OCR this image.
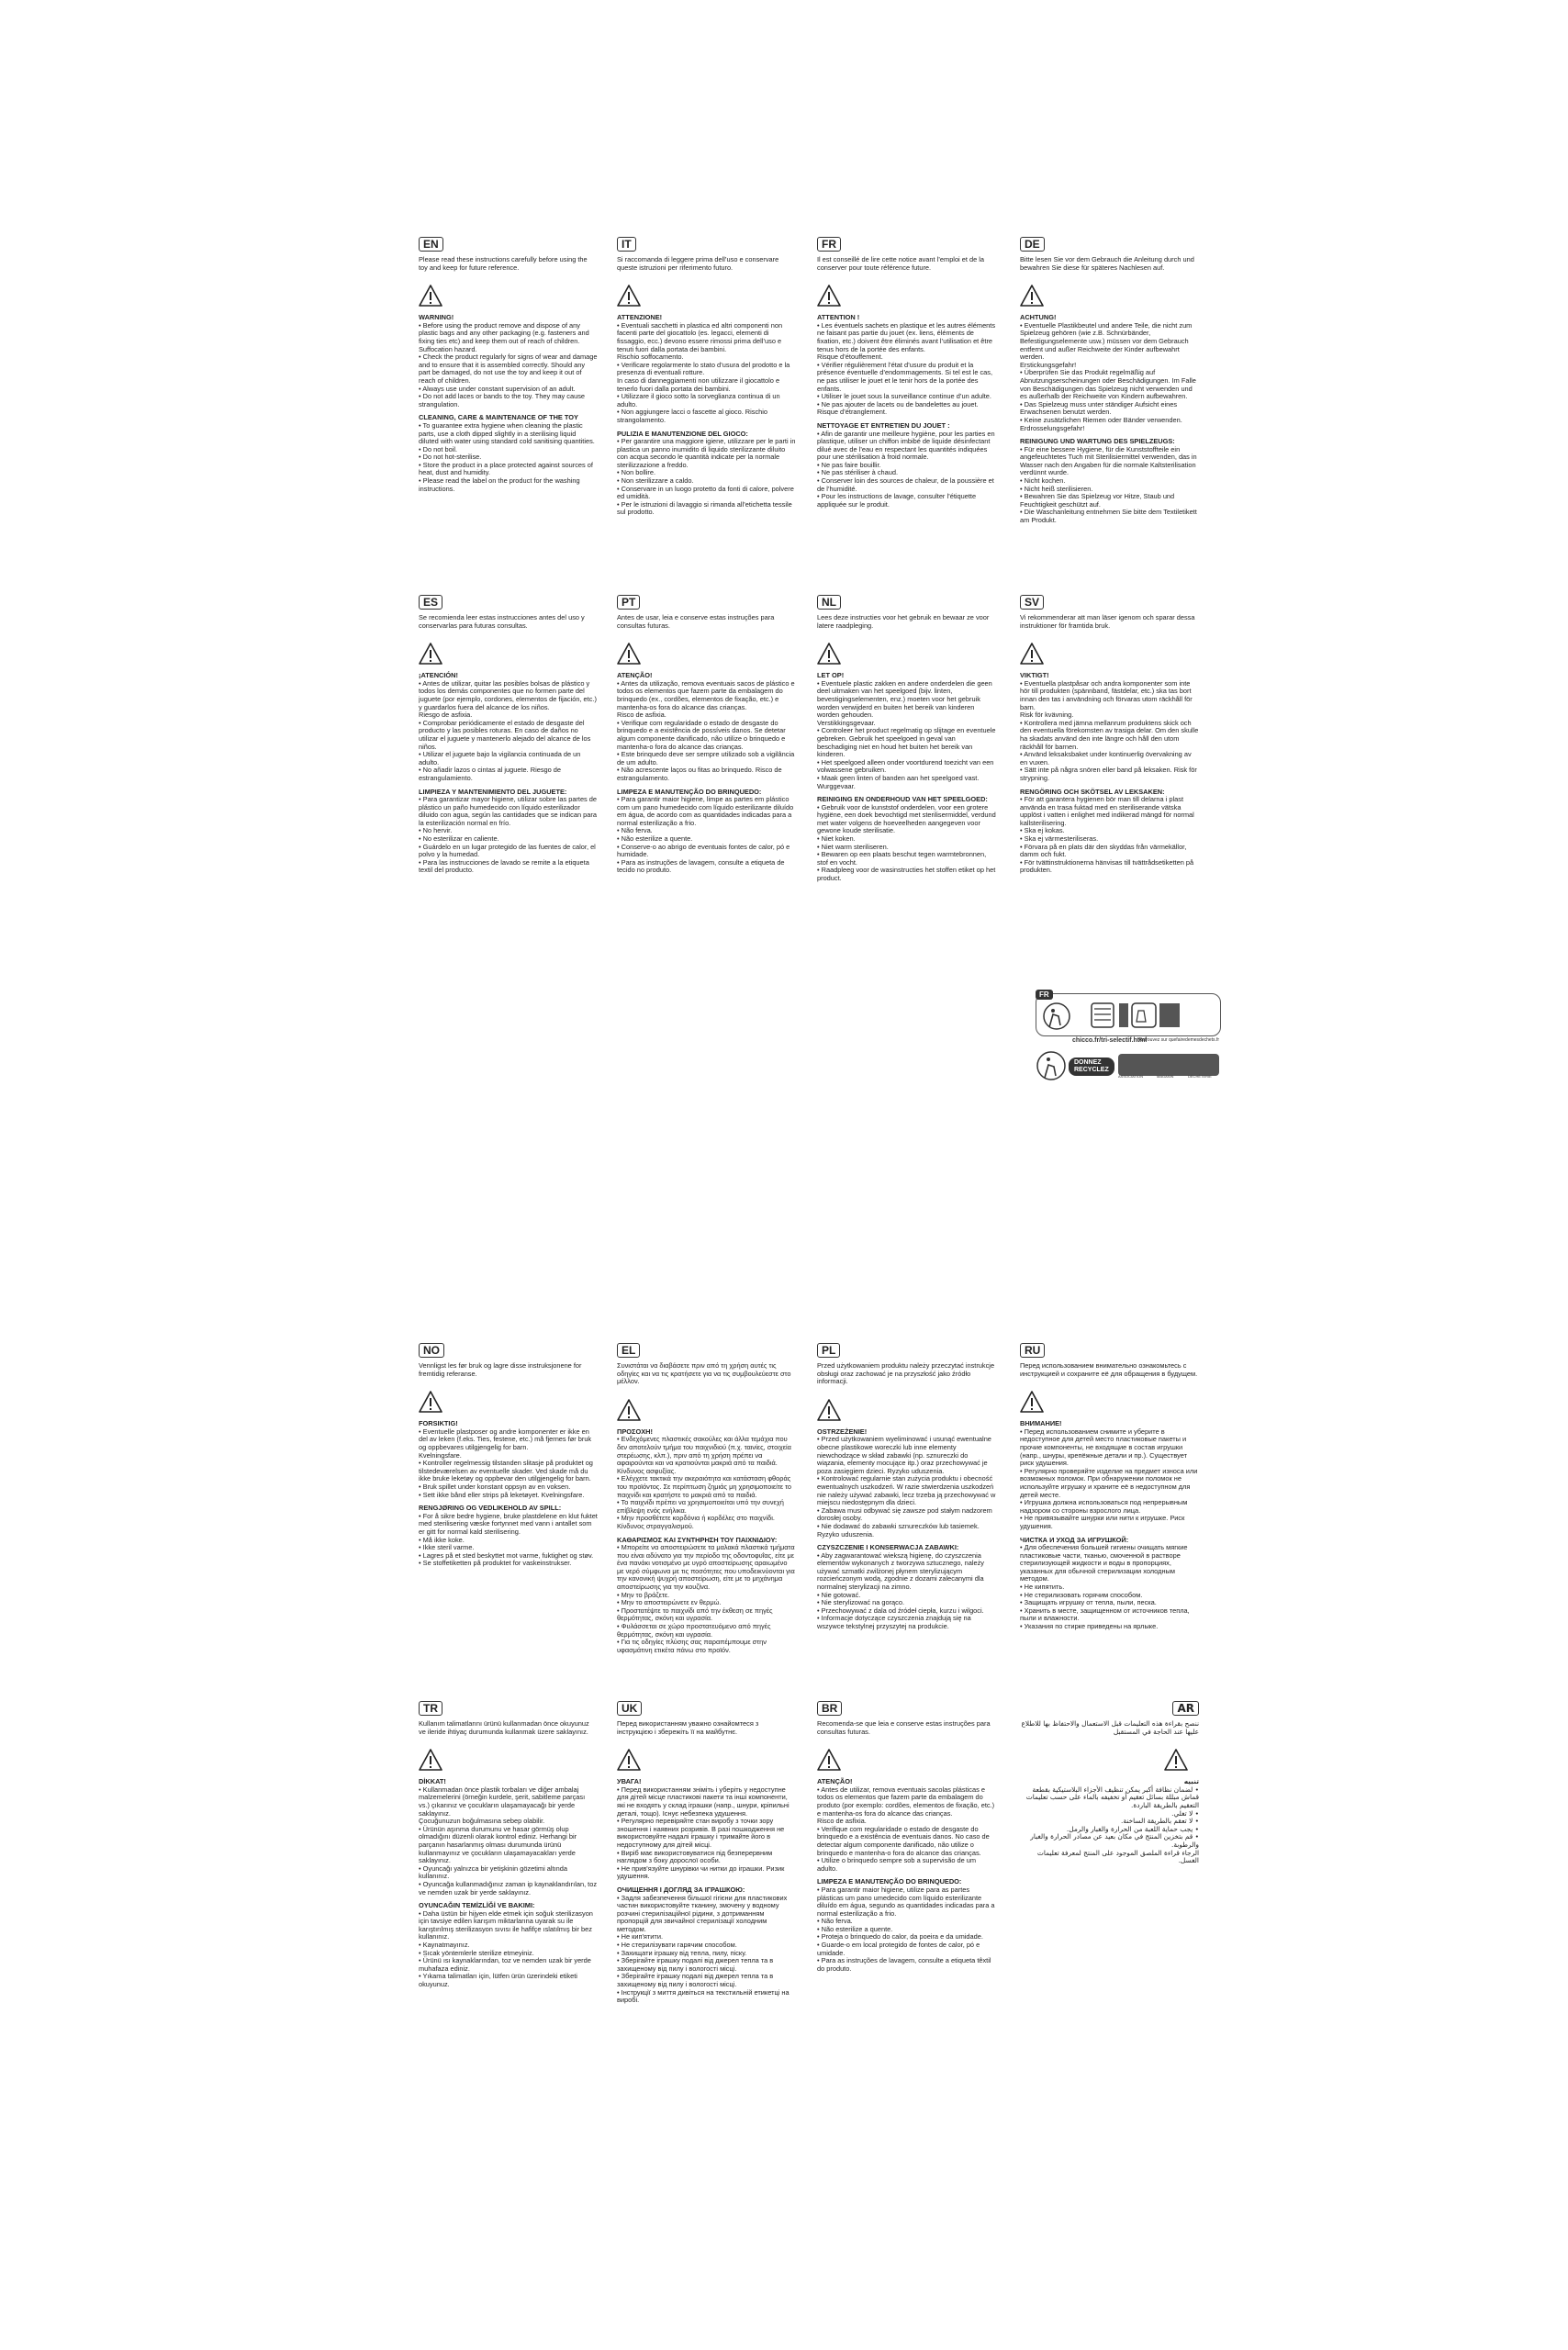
EN
Please read these instructions carefully before using the toy and keep for future reference.
WARNING!
• Before using the product remove and dispose of any plastic bags and any other packaging (e.g. fasteners and fixing ties etc) and keep them out of reach of children.
Suffocation hazard.
• Check the product regularly for signs of wear and damage and to ensure that it is assembled correctly. Should any part be damaged, do not use the toy and keep it out of reach of children.
• Always use under constant supervision of an adult.
• Do not add laces or bands to the toy. They may cause strangulation.
CLEANING, CARE & MAINTENANCE OF THE TOY
• To guarantee extra hygiene when cleaning the plastic parts, use a cloth dipped slightly in a sterilising liquid diluted with water using standard cold sanitising quantities.
• Do not boil.
• Do not hot-sterilise.
• Store the product in a place protected against sources of heat, dust and humidity.
• Please read the label on the product for the washing instructions.
IT
Si raccomanda di leggere prima dell’uso e conservare queste istruzioni per riferimento futuro.
ATTENZIONE!
• Eventuali sacchetti in plastica ed altri componenti non facenti parte del giocattolo (es. legacci, elementi di fissaggio, ecc.) devono essere rimossi prima dell’uso e tenuti fuori dalla portata dei bambini.
Rischio soffocamento.
• Verificare regolarmente lo stato d’usura del prodotto e la presenza di eventuali rotture.
In caso di danneggiamenti non utilizzare il giocattolo e tenerlo fuori dalla portata dei bambini.
• Utilizzare il gioco sotto la sorveglianza continua di un adulto.
• Non aggiungere lacci o fascette al gioco. Rischio strangolamento.
PULIZIA E MANUTENZIONE DEL GIOCO:
• Per garantire una maggiore igiene, utilizzare per le parti in plastica un panno inumidito di liquido sterilizzante diluito con acqua secondo le quantità indicate per la normale sterilizzazione a freddo.
• Non bollire.
• Non sterilizzare a caldo.
• Conservare in un luogo protetto da fonti di calore, polvere ed umidità.
• Per le istruzioni di lavaggio si rimanda all’etichetta tessile sul prodotto.
FR
Il est conseillé de lire cette notice avant l’emploi et de la conserver pour toute référence future.
ATTENTION !
• Les éventuels sachets en plastique et les autres éléments ne faisant pas partie du jouet (ex. liens, éléments de fixation, etc.) doivent être éliminés avant l’utilisation et être tenus hors de la portée des enfants.
Risque d’étouffement.
• Vérifier régulièrement l’état d’usure du produit et la présence éventuelle d’endommagements. Si tel est le cas, ne pas utiliser le jouet et le tenir hors de la portée des enfants.
• Utiliser le jouet sous la surveillance continue d’un adulte.
• Ne pas ajouter de lacets ou de bandelettes au jouet. Risque d’étranglement.
NETTOYAGE ET ENTRETIEN DU JOUET :
• Afin de garantir une meilleure hygiène, pour les parties en plastique, utiliser un chiffon imbibé de liquide désinfectant dilué avec de l’eau en respectant les quantités indiquées pour une stérilisation à froid normale.
• Ne pas faire bouillir.
• Ne pas stériliser à chaud.
• Conserver loin des sources de chaleur, de la poussière et de l’humidité.
• Pour les instructions de lavage, consulter l’étiquette appliquée sur le produit.
DE
Bitte lesen Sie vor dem Gebrauch die Anleitung durch und bewahren Sie diese für späteres Nachlesen auf.
ACHTUNG!
• Eventuelle Plastikbeutel und andere Teile, die nicht zum Spielzeug gehören (wie z.B. Schnürbänder, Befestigungselemente usw.) müssen vor dem Gebrauch entfernt und außer Reichweite der Kinder aufbewahrt werden.
Erstickungsgefahr!
• Überprüfen Sie das Produkt regelmäßig auf Abnutzungserscheinungen oder Beschädigungen. Im Falle von Beschädigungen das Spielzeug nicht verwenden und es außerhalb der Reichweite von Kindern aufbewahren.
• Das Spielzeug muss unter ständiger Aufsicht eines Erwachsenen benutzt werden.
• Keine zusätzlichen Riemen oder Bänder verwenden. Erdrosselungsgefahr!
REINIGUNG UND WARTUNG DES SPIELZEUGS:
• Für eine bessere Hygiene, für die Kunststoffteile ein angefeuchtetes Tuch mit Sterilisiermittel verwenden, das in Wasser nach den Angaben für die normale Kaltsterilisation verdünnt wurde.
• Nicht kochen.
• Nicht heiß sterilisieren.
• Bewahren Sie das Spielzeug vor Hitze, Staub und Feuchtigkeit geschützt auf.
• Die Waschanleitung entnehmen Sie bitte dem Textiletikett am Produkt.
ES
Se recomienda leer estas instrucciones antes del uso y conservarlas para futuras consultas.
¡ATENCIÓN!
• Antes de utilizar, quitar las posibles bolsas de plástico y todos los demás componentes que no formen parte del juguete (por ejemplo, cordones, elementos de fijación, etc.) y guardarlos fuera del alcance de los niños.
Riesgo de asfixia.
• Comprobar periódicamente el estado de desgaste del producto y las posibles roturas. En caso de daños no utilizar el juguete y mantenerlo alejado del alcance de los niños.
• Utilizar el juguete bajo la vigilancia continuada de un adulto.
• No añadir lazos o cintas al juguete. Riesgo de estrangulamiento.
LIMPIEZA Y MANTENIMIENTO DEL JUGUETE:
• Para garantizar mayor higiene, utilizar sobre las partes de plástico un paño humedecido con líquido esterilizador diluido con agua, según las cantidades que se indican para la esterilización normal en frío.
• No hervir.
• No esterilizar en caliente.
• Guárdelo en un lugar protegido de las fuentes de calor, el polvo y la humedad.
• Para las instrucciones de lavado se remite a la etiqueta textil del producto.
PT
Antes de usar, leia e conserve estas instruções para consultas futuras.
ATENÇÃO!
• Antes da utilização, remova eventuais sacos de plástico e todos os elementos que fazem parte da embalagem do brinquedo (ex., cordões, elementos de fixação, etc.) e mantenha-os fora do alcance das crianças.
Risco de asfixia.
• Verifique com regularidade o estado de desgaste do brinquedo e a existência de possíveis danos. Se detetar algum componente danificado, não utilize o brinquedo e mantenha-o fora do alcance das crianças.
• Este brinquedo deve ser sempre utilizado sob a vigilância de um adulto.
• Não acrescente laços ou fitas ao brinquedo. Risco de estrangulamento.
LIMPEZA E MANUTENÇÃO DO BRINQUEDO:
• Para garantir maior higiene, limpe as partes em plástico com um pano humedecido com líquido esterilizante diluído em água, de acordo com as quantidades indicadas para a normal esterilização a frio.
• Não ferva.
• Não esterilize a quente.
• Conserve-o ao abrigo de eventuais fontes de calor, pó e humidade.
• Para as instruções de lavagem, consulte a etiqueta de tecido no produto.
NL
Lees deze instructies voor het gebruik en bewaar ze voor latere raadpleging.
LET OP!
• Eventuele plastic zakken en andere onderdelen die geen deel uitmaken van het speelgoed (bijv. linten, bevestigingselementen, enz.) moeten voor het gebruik worden verwijderd en buiten het bereik van kinderen worden gehouden.
Verstikkingsgevaar.
• Controleer het product regelmatig op slijtage en eventuele gebreken. Gebruik het speelgoed in geval van beschadiging niet en houd het buiten het bereik van kinderen.
• Het speelgoed alleen onder voortdurend toezicht van een volwassene gebruiken.
• Maak geen linten of banden aan het speelgoed vast. Wurggevaar.
REINIGING EN ONDERHOUD VAN HET SPEELGOED:
• Gebruik voor de kunststof onderdelen, voor een grotere hygiëne, een doek bevochtigd met sterilisermiddel, verdund met water volgens de hoeveelheden aangegeven voor gewone koude sterilisatie.
• Niet koken.
• Niet warm steriliseren.
• Bewaren op een plaats beschut tegen warmtebronnen, stof en vocht.
• Raadpleeg voor de wasinstructies het stoffen etiket op het product.
SV
Vi rekommenderar att man läser igenom och sparar dessa instruktioner för framtida bruk.
VIKTIGT!
• Eventuella plastpåsar och andra komponenter som inte hör till produkten (spännband, fästdelar, etc.) ska tas bort innan den tas i användning och förvaras utom räckhåll för barn.
Risk för kvävning.
• Kontrollera med jämna mellanrum produktens skick och den eventuella förekomsten av trasiga delar. Om den skulle ha skadats använd den inte längre och håll den utom räckhåll för barnen.
• Använd leksaksbaket under kontinuerlig övervakning av en vuxen.
• Sätt inte på några snören eller band på leksaken. Risk för strypning.
RENGÖRING OCH SKÖTSEL AV LEKSAKEN:
• För att garantera hygienen bör man till delarna i plast använda en trasa fuktad med en steriliserande vätska upplöst i vatten i enlighet med indikerad mängd för normal kallsterilisering.
• Ska ej kokas.
• Ska ej värmesteriliseras.
• Förvara på en plats där den skyddas från värmekällor, damm och fukt.
• För tvättinstruktionerna hänvisas till tvättrådsetiketten på produkten.
NO
Vennligst les før bruk og lagre disse instruksjonene for fremtidig referanse.
FORSIKTIG!
• Eventuelle plastposer og andre komponenter er ikke en del av leken (f.eks. Ties, festene, etc.) må fjernes før bruk og oppbevares utilgjengelig for barn.
Kvelningsfare.
• Kontroller regelmessig tilstanden slitasje på produktet og tilstedeværelsen av eventuelle skader. Ved skade må du ikke bruke leketøy og oppbevar den utilgjengelig for barn.
• Bruk spillet under konstant oppsyn av en voksen.
• Sett ikke bånd eller strips på leketøyet. Kvelningsfare.
RENGJØRING OG VEDLIKEHOLD AV SPILL:
• For å sikre bedre hygiene, bruke plastdelene en klut fuktet med sterilisering væske fortynnet med vann i antallet som er gitt for normal kald sterilisering.
• Må ikke koke.
• Ikke steril varme.
• Lagres på et sted beskyttet mot varme, fuktighet og støv.
• Se stoffetiketten på produktet for vaskeinstrukser.
EL
Συνιστάται να διαβάσετε πριν από τη χρήση αυτές τις οδηγίες και να τις κρατήσετε για να τις συμβουλεύεστε στο μέλλον.
ΠΡΟΣΟΧΗ!
• Ενδεχόμενες πλαστικές σακούλες και άλλα τεμάχια που δεν αποτελούν τμήμα του παιχνιδιού (π.χ. ταινίες, στοιχεία στερέωσης, κλπ.), πριν από τη χρήση πρέπει να αφαιρούνται και να κρατιούνται μακριά από τα παιδιά.
Κίνδυνος ασφυξίας.
• Ελέγχετε τακτικά την ακεραιότητα και κατάσταση φθοράς του προϊόντος. Σε περίπτωση ζημιάς μη χρησιμοποιείτε το παιχνίδι και κρατήστε το μακριά από τα παιδιά.
• Το παιχνίδι πρέπει να χρησιμοποιείται υπό την συνεχή επίβλεψη ενός ενήλικα.
• Μην προσθέτετε κορδόνια ή κορδέλες στο παιχνίδι. Κίνδυνος στραγγαλισμού.
ΚΑΘΑΡΙΣΜΟΣ ΚΑΙ ΣΥΝΤΗΡΗΣΗ ΤΟΥ ΠΑΙΧΝΙΔΙΟΥ:
• Μπορείτε να αποστειρώσετε τα μαλακά πλαστικά τμήματα που είναι αδύνατο για την περίοδο της οδοντοφυΐας, είτε με ένα πανάκι νοτισμένο με υγρό αποστείρωσης αραιωμένο με νερό σύμφωνα με τις ποσότητες που υποδεικνύονται για την κανονική ψυχρή αποστείρωση, είτε με το μηχάνημα αποστείρωσης για την κουζίνα.
• Μην το βράζετε.
• Μην το αποστειρώνετε εν θερμώ.
• Προστατέψτε το παιχνίδι από την έκθεση σε πηγές θερμότητας, σκόνη και υγρασία.
• Φυλάσσεται σε χώρο προστατευόμενο από πηγές θερμότητας, σκόνη και υγρασία.
• Για τις οδηγίες πλύσης σας παραπέμπουμε στην υφασμάτινη ετικέτα πάνω στο προϊόν.
PL
Przed użytkowaniem produktu należy przeczytać instrukcje obsługi oraz zachować je na przyszłość jako źródło informacji.
OSTRZEŻENIE!
• Przed użytkowaniem wyeliminować i usunąć ewentualne obecne plastikowe woreczki lub inne elementy niewchodzące w skład zabawki (np. sznureczki do wiązania, elementy mocujące itp.) oraz przechowywać je poza zasięgiem dzieci. Ryzyko uduszenia.
• Kontrolować regularnie stan zużycia produktu i obecność ewentualnych uszkodzeń. W razie stwierdzenia uszkodzeń nie należy używać zabawki, lecz trzeba ją przechowywać w miejscu niedostępnym dla dzieci.
• Zabawa musi odbywać się zawsze pod stałym nadzorem dorosłej osoby.
• Nie dodawać do zabawki sznureczków lub tasiemek. Ryzyko uduszenia.
CZYSZCZENIE I KONSERWACJA ZABAWKI:
• Aby zagwarantować wiekszą higienę, do czyszczenia elementów wykonanych z tworzywa sztucznego, należy używać szmatki zwilżonej płynem sterylizującym rozcieńczonym wodą, zgodnie z dozami zalecanymi dla normalnej sterylizacji na zimno.
• Nie gotować.
• Nie sterylizować na gorąco.
• Przechowywać z dala od źródeł ciepła, kurzu i wilgoci.
• Informacje dotyczące czyszczenia znajdują się na wszywce tekstylnej przyszytej na produkcie.
RU
Перед использованием внимательно ознакомьтесь с инструкцией и сохраните её для обращения в будущем.
ВНИМАНИЕ!
• Перед использованием снимите и уберите в недоступное для детей место пластиковые пакеты и прочие компоненты, не входящие в состав игрушки (напр., шнуры, крепёжные детали и пр.). Существует риск удушения.
• Регулярно проверяйте изделие на предмет износа или возможных поломок. При обнаружении поломок не используйте игрушку и храните её в недоступном для детей месте.
• Игрушка должна использоваться под непрерывным надзором со стороны взрослого лица.
• Не привязывайте шнурки или нити к игрушке. Риск удушения.
ЧИСТКА И УХОД ЗА ИГРУШКОЙ:
• Для обеспечения большей гигиены очищать мягкие пластиковые части, тканью, смоченной в растворе стерилизующей жидкости и воды в пропорциях, указанных для обычной стерилизации холодным методом.
• Не кипятить.
• Не стерилизовать горячим способом.
• Защищать игрушку от тепла, пыли, песка.
• Хранить в месте, защищенном от источников тепла, пыли и влажности.
• Указания по стирке приведены на ярлыке.
TR
Kullanım talimatlarını ürünü kullanmadan önce okuyunuz ve ileride ihtiyaç durumunda kullanmak üzere saklayınız.
DİKKAT!
• Kullanmadan önce plastik torbaları ve diğer ambalaj malzemelerini (örneğin kurdele, şerit, sabitleme parçası vs.) çıkarınız ve çocukların ulaşamayacağı bir yerde saklayınız.
Çocuğunuzun boğulmasına sebep olabilir.
• Ürünün aşınma durumunu ve hasar görmüş olup olmadığını düzenli olarak kontrol ediniz. Herhangi bir parçanın hasarlanmış olması durumunda ürünü kullanmayınız ve çocukların ulaşamayacakları yerde saklayınız.
• Oyuncağı yalnızca bir yetişkinin gözetimi altında kullanınız.
• Oyuncağa kullanmadığınız zaman ip kaynaklandırılan, toz ve nemden uzak bir yerde saklayınız.
OYUNCAĞIN TEMİZLİĞİ VE BAKIMI:
• Daha üstün bir hijyen elde etmek için soğuk sterilizasyon için tavsiye edilen karışım miktarlarına uyarak su ile karıştırılmış sterilizasyon sıvısı ile hafifçe ıslatılmış bir bez kullanınız.
• Kaynatmayınız.
• Sıcak yöntemlerle sterilize etmeyiniz.
• Ürünü ısı kaynaklarından, toz ve nemden uzak bir yerde muhafaza ediniz.
• Yıkama talimatları için, lütfen ürün üzerindeki etiketi okuyunuz.
UK
Перед використанням уважно ознайомтеся з інструкцією і збережіть її на майбутнє.
УВАГА!
• Перед використанням зніміть і уберіть у недоступне для дітей місце пластикові пакети та інші компоненти, які не входять у склад іграшки (напр., шнури, кріпильні деталі, тощо). Існує небезпека удушення.
• Регулярно перевіряйте стан виробу з точки зору зношення і наявних розривів. В разі пошкодження не використовуйте надалі іграшку і тримайте його в недоступному для дітей місці.
• Виріб має використовуватися під безперервним наглядом з боку дорослої особи.
• Не прив'язуйте шнурівки чи нитки до іграшки. Ризик удушення.
ОЧИЩЕННЯ І ДОГЛЯД ЗА ІГРАШКОЮ:
• Задля забезпечення більшої гігієни для пластикових частин використовуйте тканину, змочену у водному розчині стерилізаційної рідини, з дотриманням пропорцій для звичайної стерилізації холодним методом.
• Не кип'ятити.
• Не стерилізувати гарячим способом.
• Захищати іграшку від тепла, пилу, піску.
• Зберігайте іграшку подалі від джерел тепла та в захищеному від пилу і вологості місці.
• Зберігайте іграшку подалі від джерел тепла та в захищеному від пилу і вологості місці.
• Інструкції з миття дивіться на текстильній етикетці на виробі.
BR
Recomenda-se que leia e conserve estas instruções para consultas futuras.
ATENÇÃO!
• Antes de utilizar, remova eventuais sacolas plásticas e todos os elementos que fazem parte da embalagem do produto (por exemplo: cordões, elementos de fixação, etc.) e mantenha-os fora do alcance das crianças.
Risco de asfixia.
• Verifique com regularidade o estado de desgaste do brinquedo e a existência de eventuais danos. No caso de detectar algum componente danificado, não utilize o brinquedo e mantenha-o fora do alcance das crianças.
• Utilize o brinquedo sempre sob a supervisão de um adulto.
LIMPEZA E MANUTENÇÃO DO BRINQUEDO:
• Para garantir maior higiene, utilize para as partes plásticas um pano umedecido com líquido esterilizante diluído em água, segundo as quantidades indicadas para a normal esterilização a frio.
• Não ferva.
• Não esterilize a quente.
• Proteja o brinquedo do calor, da poeira e da umidade.
• Guarde-o em local protegido de fontes de calor, pó e umidade.
• Para as instruções de lavagem, consulte a etiqueta têxtil do produto.
AR
ننصح بقراءة هذه التعليمات قبل الاستعمال والاحتفاظ بها للاطلاع عليها عند الحاجة في المستقبل
تنبيه
• لضمان نظافة أكبر يمكن تنظيف الأجزاء البلاستيكية بقطعة
قماش مبللة بسائل تعقيم أو تخفيفه بالماء على حسب تعليمات التعقيم بالطريقة الباردة.
• لا تغلي.
• لا تعقم بالطريقة الساخنة.
• يجب حماية اللعبة من الحرارة والغبار والرمل.
• قم بتخزين المنتج في مكان بعيد عن مصادر الحرارة والغبار والرطوبة.
الرجاء قراءة الملصق الموجود على المنتج لمعرفة تعليمات الغسل.
FR
chicco.fr/tri-selectif.html
DONNEZ
RECYCLEZ
ASSOCIATION	MAGASIN	DÉCHÈTERIE
Retrouvez sur quefairedemesdechets.fr
